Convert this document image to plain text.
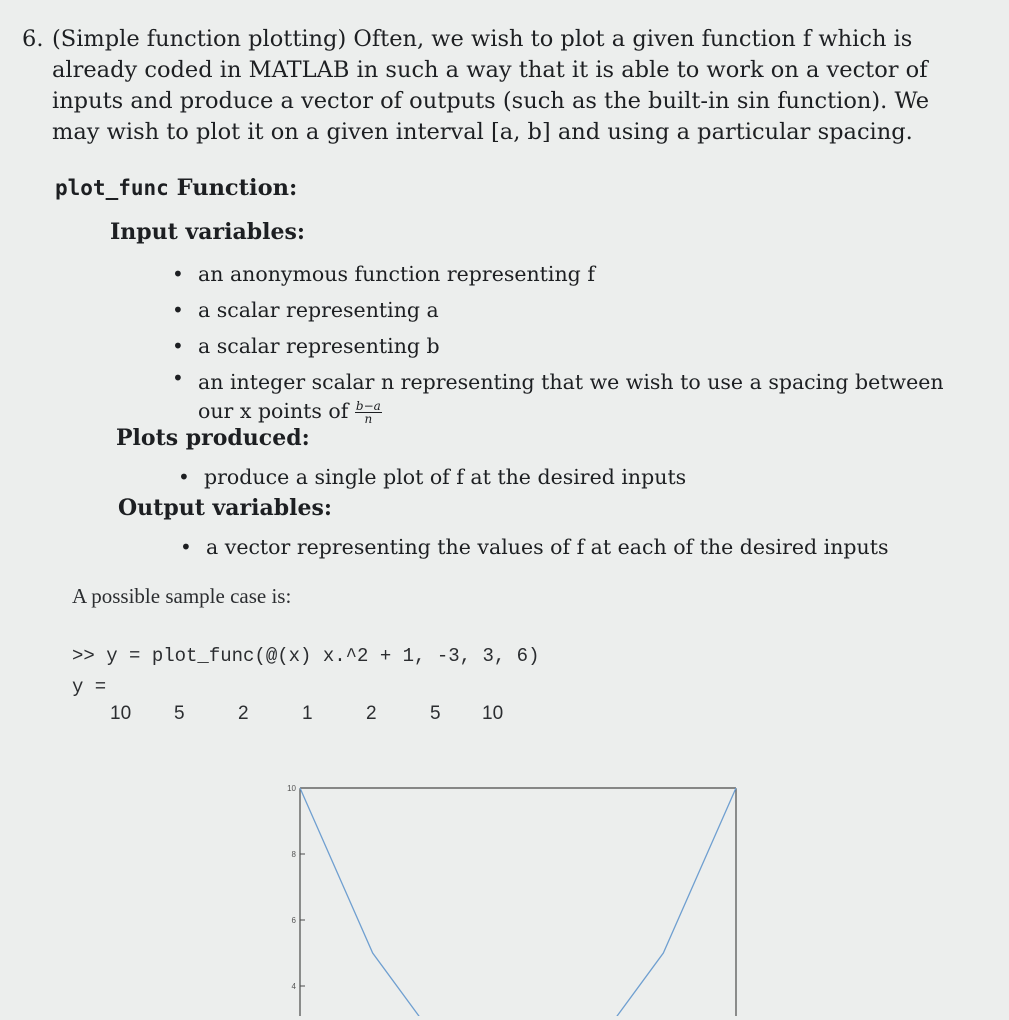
6. (Simple function plotting) Often, we wish to plot a given function f which is already coded in MATLAB in such a way that it is able to work on a vector of inputs and produce a vector of outputs (such as the built-in sin function). We may wish to plot it on a given interval [a, b] and using a particular spacing.
plot_func Function:
Input variables:
• an anonymous function representing f
• a scalar representing a
• a scalar representing b
• an integer scalar n representing that we wish to use a spacing between our x points of $\frac{b-a}{n}$
Plots produced:
• produce a single plot of f at the desired inputs
Output variables:
• a vector representing the values of f at each of the desired inputs
A possible sample case is:
>> y = plot_func(@(x) x.^2 + 1, -3, 3, 6)
y =
10 5	2	1	2	5 10
10
8
6
4
